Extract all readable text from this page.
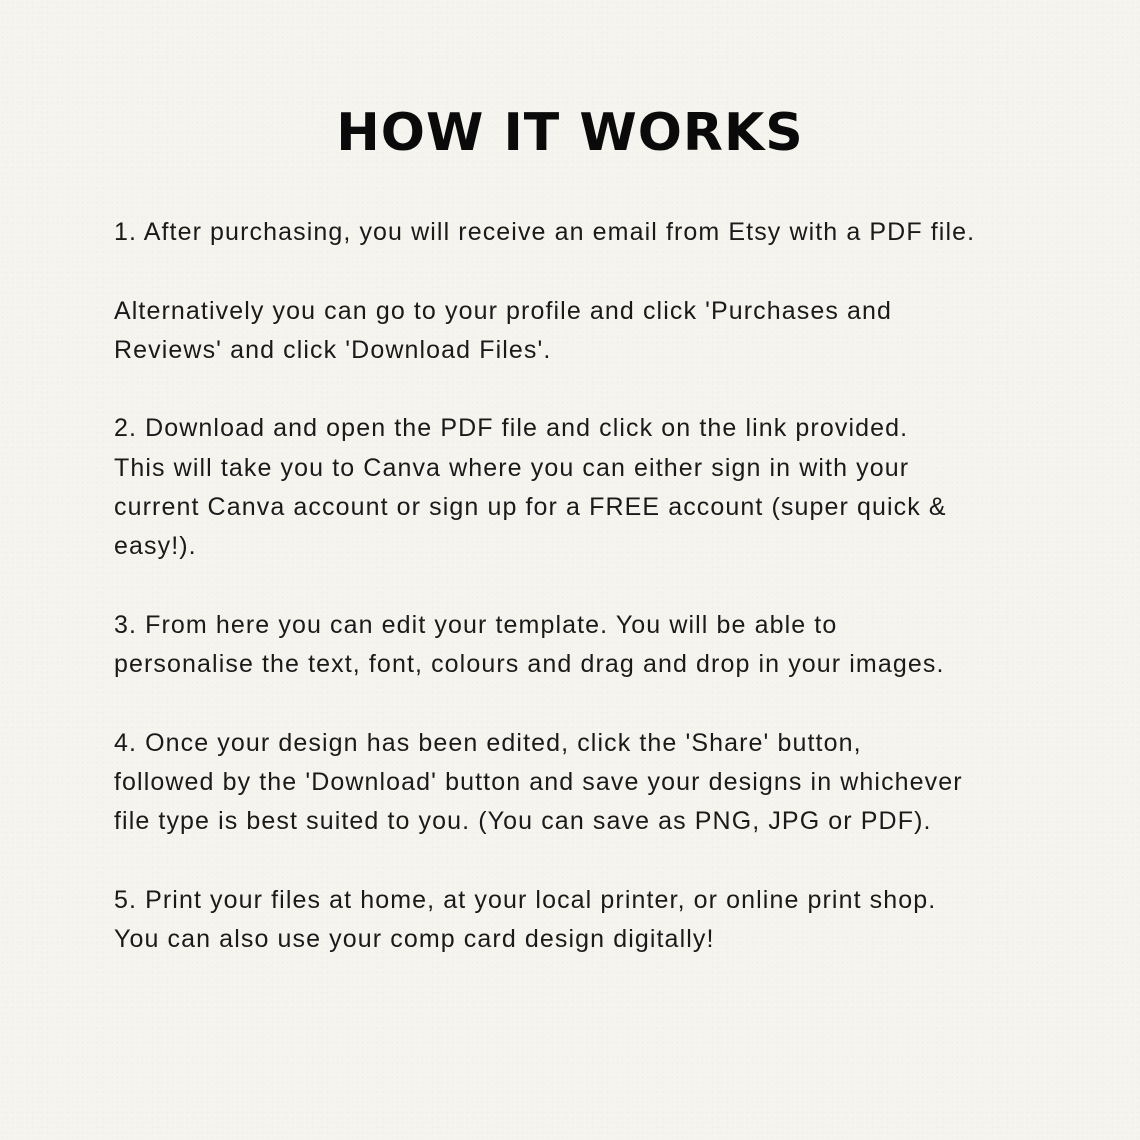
HOW IT WORKS

1. After purchasing, you will receive an email from Etsy with a PDF file.

Alternatively you can go to your profile and click 'Purchases and
Reviews' and click 'Download Files'.

2. Download and open the PDF file and click on the link provided.
This will take you to Canva where you can either sign in with your
current Canva account or sign up for a FREE account (super quick &
easy!).

3. From here you can edit your template. You will be able to
personalise the text, font, colours and drag and drop in your images.

4. Once your design has been edited, click the 'Share' button,
followed by the 'Download' button and save your designs in whichever
file type is best suited to you. (You can save as PNG, JPG or PDF).

5. Print your files at home, at your local printer, or online print shop.
You can also use your comp card design digitally!
